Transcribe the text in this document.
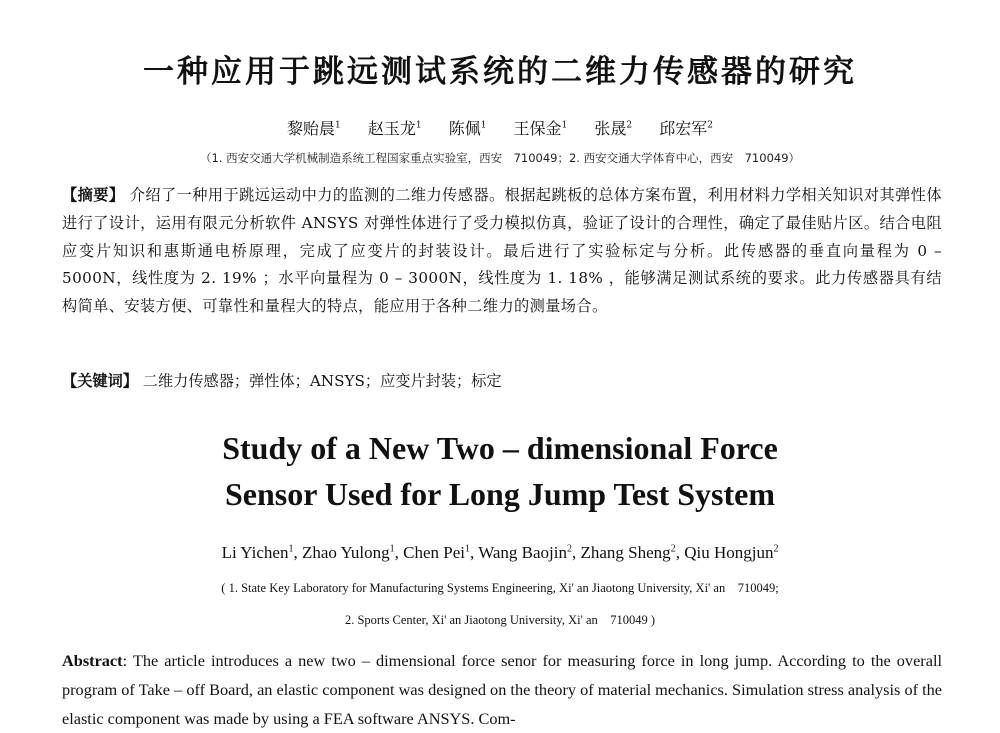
一种应用于跳远测试系统的二维力传感器的研究
黎贻晨$^1$ 赵玉龙$^1$ 陈佩$^1$ 王保金$^1$ 张晟$^2$ 邱宏军$^2$
（1. 西安交通大学机械制造系统工程国家重点实验室，西安　710049；2. 西安交通大学体育中心，西安　710049）
【摘要】 介绍了一种用于跳远运动中力的监测的二维力传感器。根据起跳板的总体方案布置，利用材料力学相关知识对其弹性体进行了设计，运用有限元分析软件 ANSYS 对弹性体进行了受力模拟仿真，验证了设计的合理性，确定了最佳贴片区。结合电阻应变片知识和惠斯通电桥原理，完成了应变片的封装设计。最后进行了实验标定与分析。此传感器的垂直向量程为 0 – 5000N，线性度为 2. 19% ；水平向量程为 0 – 3000N，线性度为 1. 18% ，能够满足测试系统的要求。此力传感器具有结构简单、安装方便、可靠性和量程大的特点，能应用于各种二维力的测量场合。
【关键词】 二维力传感器；弹性体；ANSYS；应变片封装；标定
Study of a New Two – dimensional Force
Sensor Used for Long Jump Test System
Li Yichen$^1$, Zhao Yulong$^1$, Chen Pei$^1$, Wang Baojin$^2$, Zhang Sheng$^2$, Qiu Hongjun$^2$
( 1. State Key Laboratory for Manufacturing Systems Engineering, Xi' an Jiaotong University, Xi' an　710049;
2. Sports Center, Xi' an Jiaotong University, Xi' an　710049 )
Abstract: The article introduces a new two – dimensional force senor for measuring force in long jump. According to the overall program of Take – off Board, an elastic component was designed on the theory of material mechanics. Simulation stress analysis of the elastic component was made by using a FEA software ANSYS. Com-
